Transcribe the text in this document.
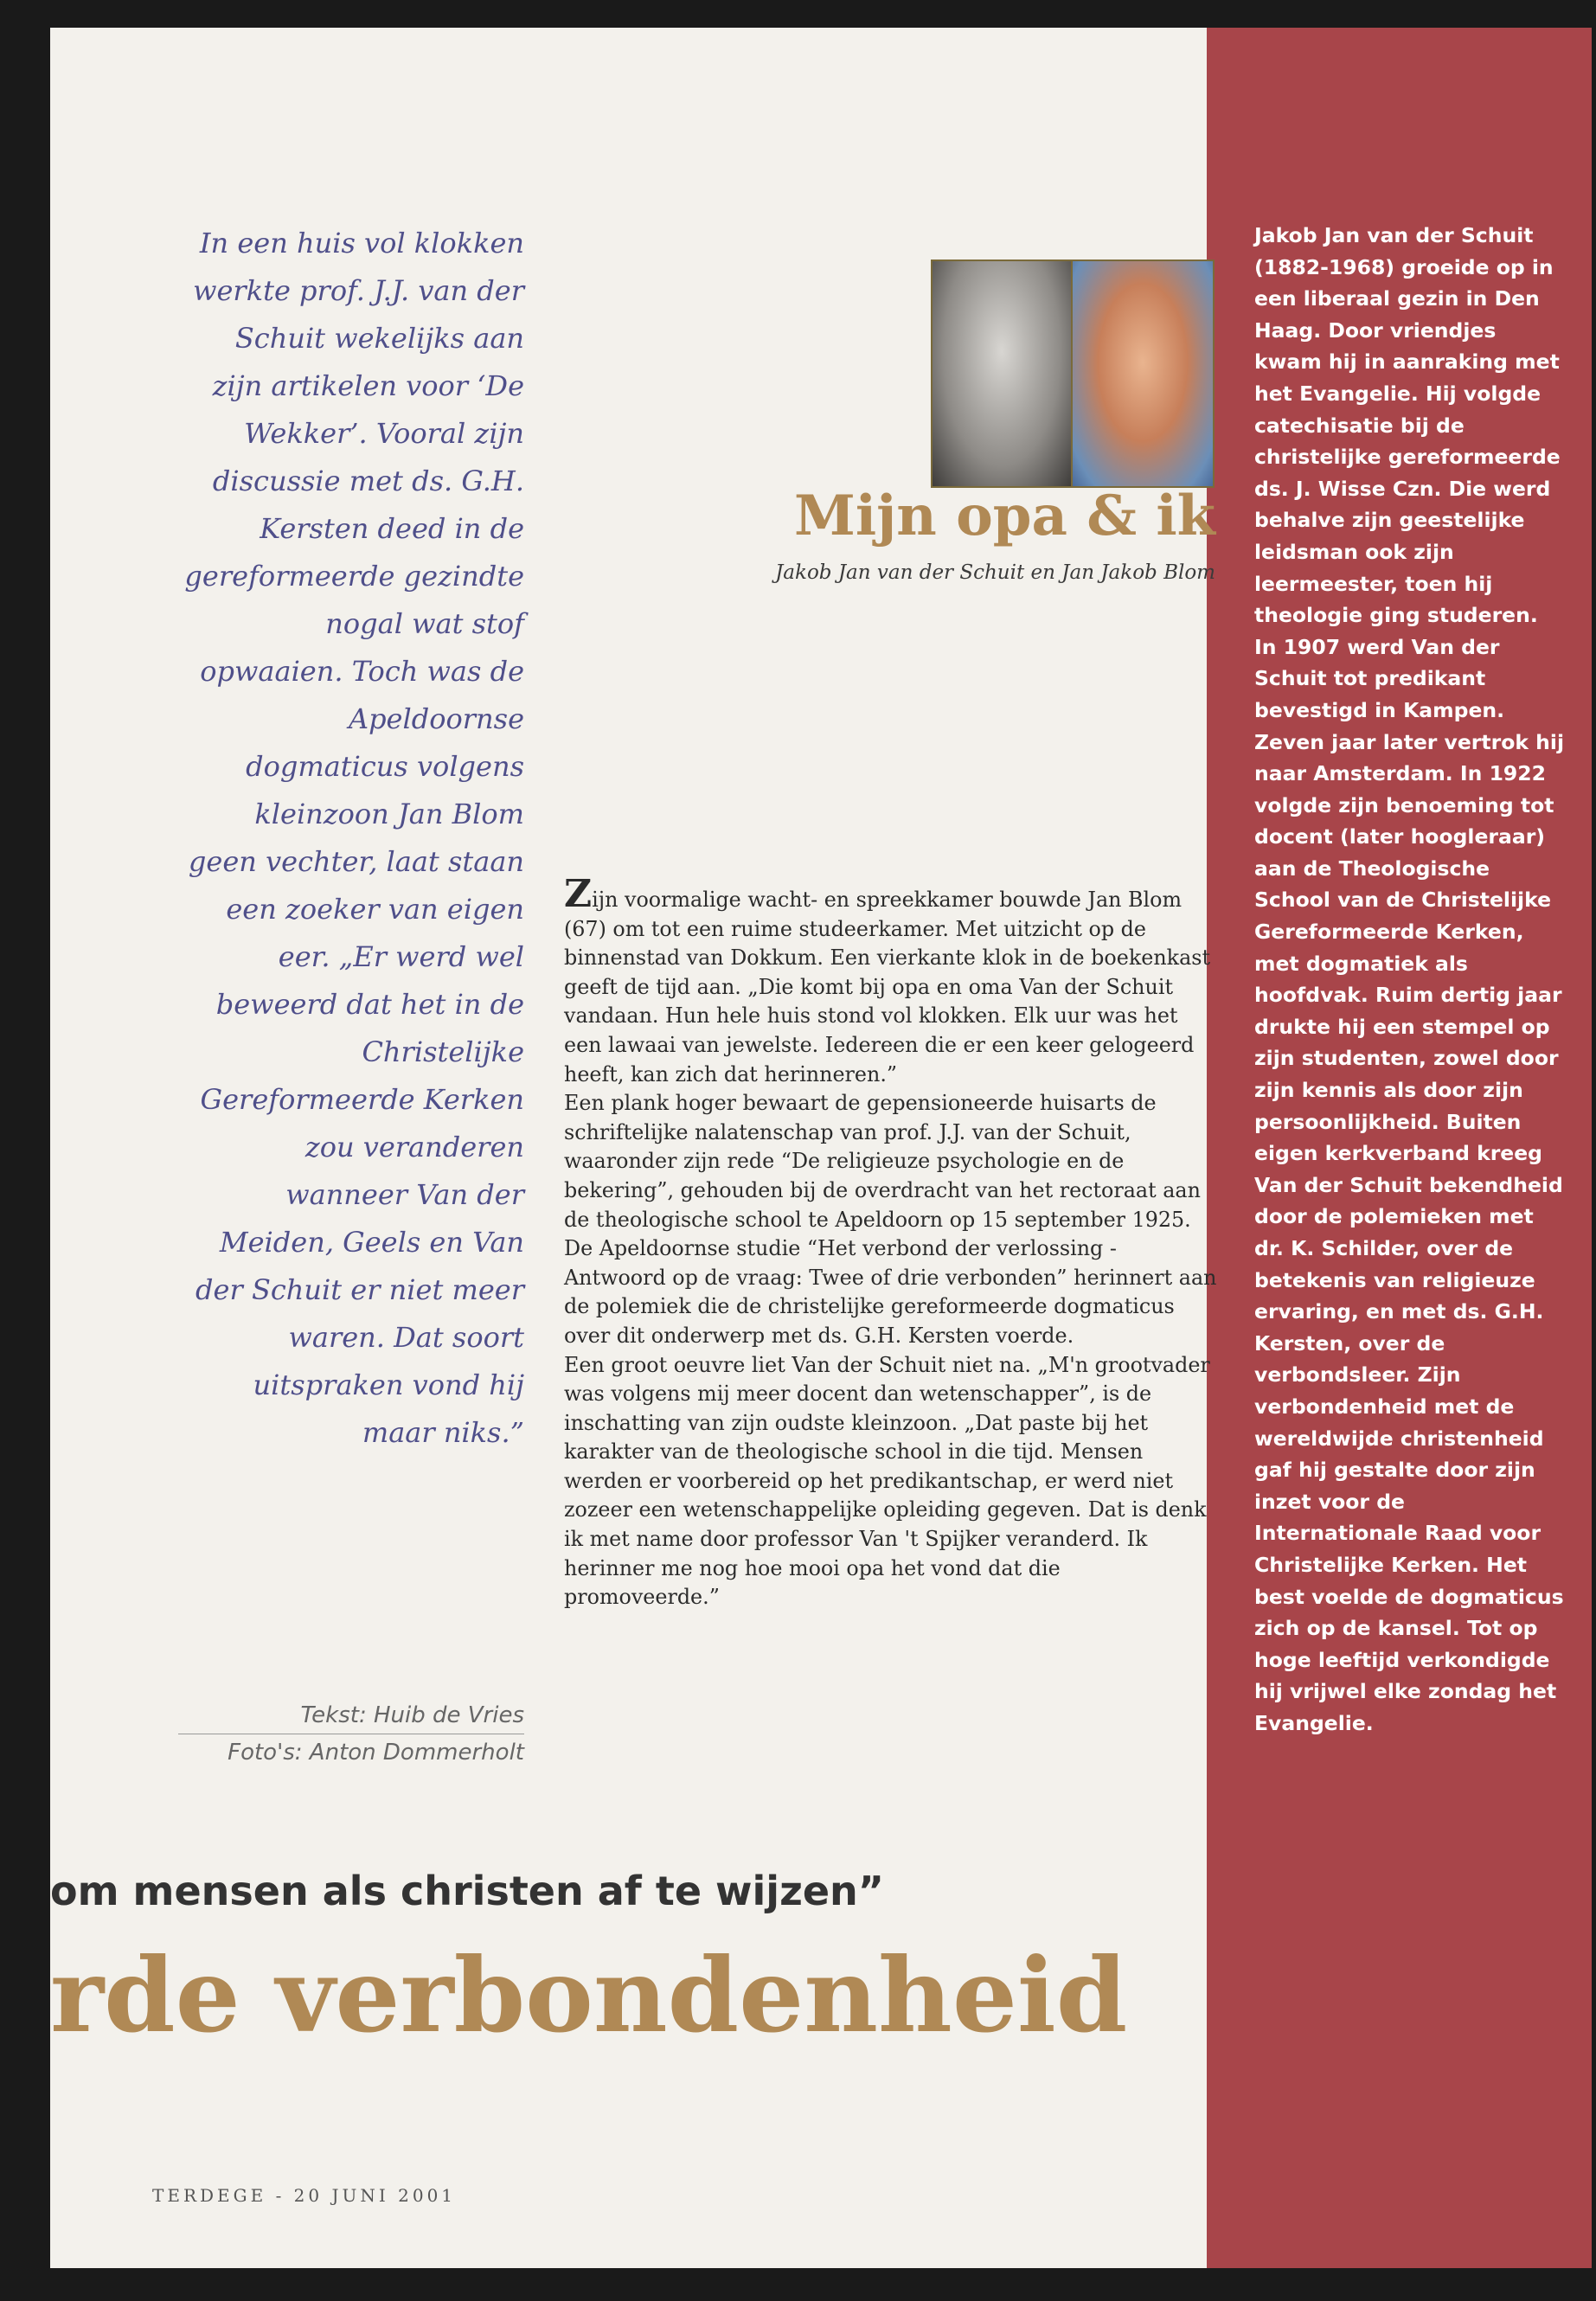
Jakob Jan van der Schuit (1882-1968) groeide op in een liberaal gezin in Den Haag. Door vriendjes kwam hij in aanraking met het Evangelie. Hij volgde catechisatie bij de christelijke gereformeerde ds. J. Wisse Czn. Die werd behalve zijn geestelijke leidsman ook zijn leermeester, toen hij theologie ging studeren. In 1907 werd Van der Schuit tot predikant bevestigd in Kampen. Zeven jaar later vertrok hij naar Amsterdam. In 1922 volgde zijn benoeming tot docent (later hoogleraar) aan de Theologische School van de Christelijke Gereformeerde Kerken, met dogmatiek als hoofdvak. Ruim dertig jaar drukte hij een stempel op zijn studenten, zowel door zijn kennis als door zijn persoonlijkheid. Buiten eigen kerkverband kreeg Van der Schuit bekendheid door de polemieken met dr. K. Schilder, over de betekenis van religieuze ervaring, en met ds. G.H. Kersten, over de verbondsleer. Zijn verbondenheid met de wereldwijde christenheid gaf hij gestalte door zijn inzet voor de Internationale Raad voor Christelijke Kerken. Het best voelde de dogmaticus zich op de kansel. Tot op hoge leeftijd verkondigde hij vrijwel elke zondag het Evangelie.

In een huis vol klokken werkte prof. J.J. van der Schuit wekelijks aan zijn artikelen voor ‘De Wekker’. Vooral zijn discussie met ds. G.H. Kersten deed in de gereformeerde gezindte nogal wat stof opwaaien. Toch was de Apeldoornse dogmaticus volgens kleinzoon Jan Blom geen vechter, laat staan een zoeker van eigen eer. „Er werd wel beweerd dat het in de Christelijke Gereformeerde Kerken zou veranderen wanneer Van der Meiden, Geels en Van der Schuit er niet meer waren. Dat soort uitspraken vond hij maar niks.”

Tekst: Huib de Vries

Foto's: Anton Dommerholt
Mijn opa & ik

Jakob Jan van der Schuit en Jan Jakob Blom

Zijn voormalige wacht- en spreekkamer bouwde Jan Blom (67) om tot een ruime studeerkamer. Met uitzicht op de binnenstad van Dokkum. Een vierkante klok in de boekenkast geeft de tijd aan. „Die komt bij opa en oma Van der Schuit vandaan. Hun hele huis stond vol klokken. Elk uur was het een lawaai van jewelste. Iedereen die er een keer gelogeerd heeft, kan zich dat herinneren.”

Een plank hoger bewaart de gepensioneerde huisarts de schriftelijke nalatenschap van prof. J.J. van der Schuit, waaronder zijn rede “De religieuze psychologie en de bekering”, gehouden bij de overdracht van het rectoraat aan de theologische school te Apeldoorn op 15 september 1925. De Apeldoornse studie “Het verbond der verlossing - Antwoord op de vraag: Twee of drie verbonden” herinnert aan de polemiek die de christelijke gereformeerde dogmaticus over dit onderwerp met ds. G.H. Kersten voerde.

Een groot oeuvre liet Van der Schuit niet na. „M'n grootvader was volgens mij meer docent dan wetenschapper”, is de inschatting van zijn oudste kleinzoon. „Dat paste bij het karakter van de theologische school in die tijd. Mensen werden er voorbereid op het predikantschap, er werd niet zozeer een wetenschappelijke opleiding gegeven. Dat is denk ik met name door professor Van 't Spijker veranderd. Ik herinner me nog hoe mooi opa het vond dat die promoveerde.”

om mensen als christen af te wijzen”
rde verbondenheid
TERDEGE - 20 JUNI 2001
